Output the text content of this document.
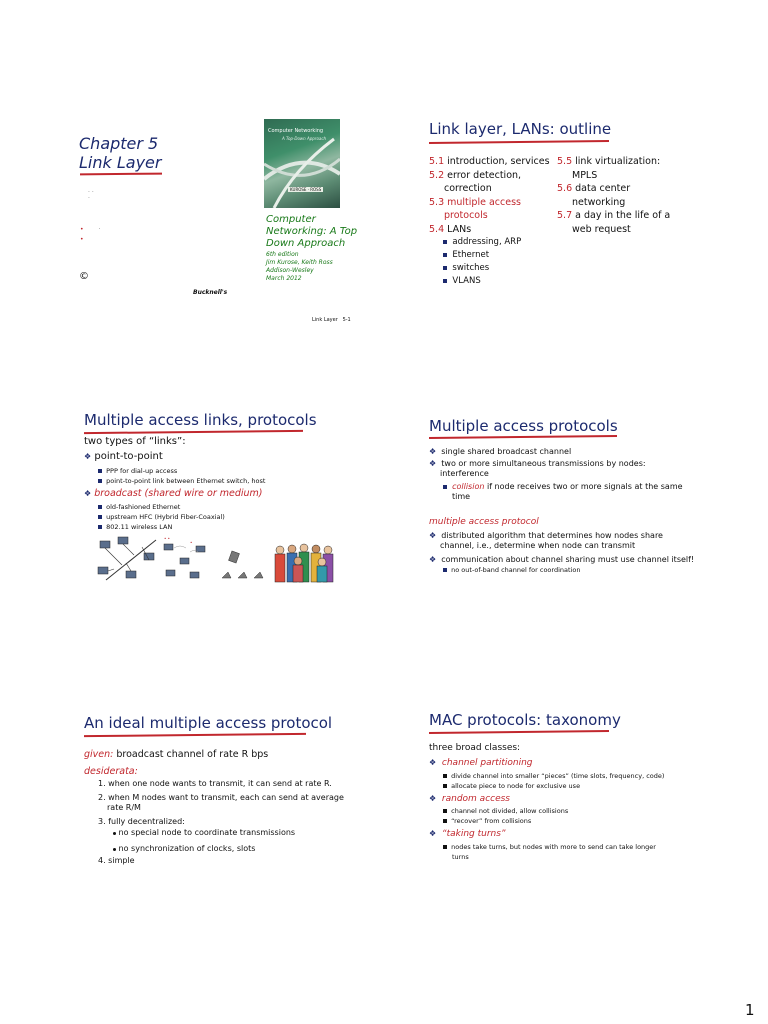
Chapter 5
Link Layer
· ·
·
•        ·
•
©
Computer Networking
A Top-Down Approach
KUROSE · ROSS
Computer
Networking: A Top
Down Approach
6th edition
Jim Kurose, Keith Ross
Addison-Wesley
March 2012
Bucknell's
Link Layer 5-1
Link layer, LANs: outline
5.1 introduction, services
5.2 error detection,
correction
5.3 multiple access
protocols
5.4 LANs
addressing, ARP
Ethernet
switches
VLANS
5.5 link virtualization:
MPLS
5.6 data center
networking
5.7 a day in the life of a
web request
Multiple access links, protocols
two types of “links”:
❖ point-to-point
PPP for dial-up access
point-to-point link between Ethernet switch, host
❖ broadcast (shared wire or medium)
old-fashioned Ethernet
upstream HFC (Hybrid Fiber-Coaxial)
802.11 wireless LAN
• •
•
Multiple access protocols
❖ single shared broadcast channel
❖ two or more simultaneous transmissions by nodes:
interference
collision if node receives two or more signals at the same
time
multiple access protocol
❖ distributed algorithm that determines how nodes share
channel, i.e., determine when node can transmit
❖ communication about channel sharing must use channel itself!
no out-of-band channel for coordination
An ideal multiple access protocol
given: broadcast channel of rate R bps
desiderata:
1. when one node wants to transmit, it can send at rate R.
2. when M nodes want to transmit, each can send at average
rate R/M
3. fully decentralized:
no special node to coordinate transmissions
no synchronization of clocks, slots
4. simple
MAC protocols: taxonomy
three broad classes:
❖ channel partitioning
divide channel into smaller “pieces” (time slots, frequency, code)
allocate piece to node for exclusive use
❖ random access
channel not divided, allow collisions
“recover” from collisions
❖ “taking turns”
nodes take turns, but nodes with more to send can take longer
turns
1
